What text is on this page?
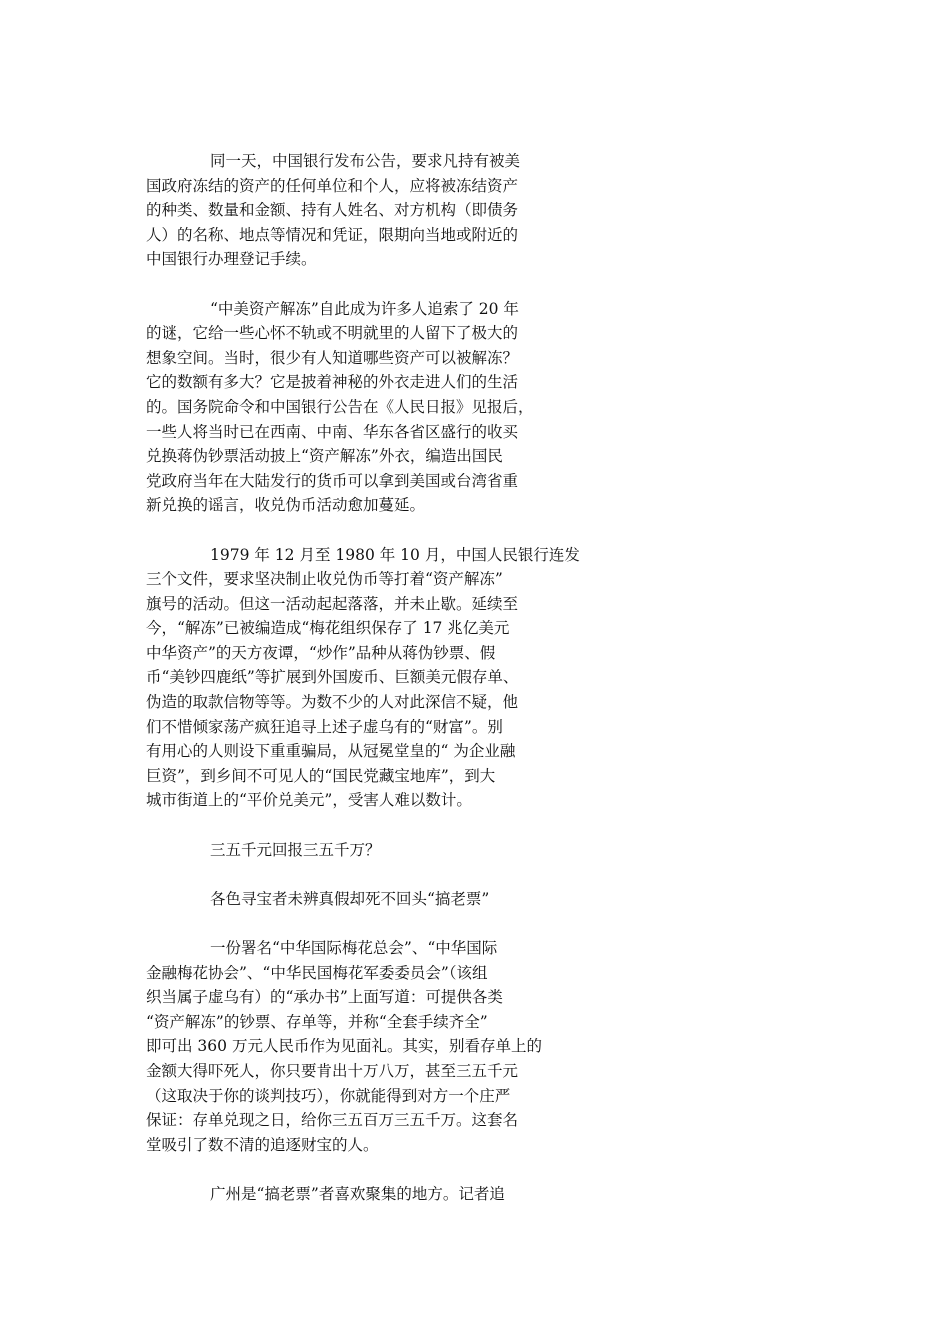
同一天，中国银行发布公告，要求凡持有被美
国政府冻结的资产的任何单位和个人，应将被冻结资产
的种类、数量和金额、持有人姓名、对方机构（即债务
人）的名称、地点等情况和凭证，限期向当地或附近的
中国银行办理登记手续。

“中美资产解冻”自此成为许多人追索了 20 年
的谜，它给一些心怀不轨或不明就里的人留下了极大的
想象空间。当时，很少有人知道哪些资产可以被解冻？
它的数额有多大？它是披着神秘的外衣走进人们的生活
的。国务院命令和中国银行公告在《人民日报》见报后，
一些人将当时已在西南、中南、华东各省区盛行的收买
兑换蒋伪钞票活动披上“资产解冻”外衣，编造出国民
党政府当年在大陆发行的货币可以拿到美国或台湾省重
新兑换的谣言，收兑伪币活动愈加蔓延。

1979 年 12 月至 1980 年 10 月，中国人民银行连发
三个文件，要求坚决制止收兑伪币等打着“资产解冻”
旗号的活动。但这一活动起起落落，并未止歇。延续至
今，“解冻”已被编造成“梅花组织保存了 17 兆亿美元
中华资产”的天方夜谭，“炒作”品种从蒋伪钞票、假
币“美钞四鹿纸”等扩展到外国废币、巨额美元假存单、
伪造的取款信物等等。为数不少的人对此深信不疑，他
们不惜倾家荡产疯狂追寻上述子虚乌有的“财富”。别
有用心的人则设下重重骗局，从冠冕堂皇的“ 为企业融
巨资”，到乡间不可见人的“国民党藏宝地库”，到大
城市街道上的“平价兑美元”，受害人难以数计。

三五千元回报三五千万？

各色寻宝者未辨真假却死不回头“搞老票”

一份署名“中华国际梅花总会”、“中华国际
金融梅花协会”、“中华民国梅花军委委员会”（该组
织当属子虚乌有）的“承办书”上面写道：可提供各类
“资产解冻”的钞票、存单等，并称“全套手续齐全”
即可出 360 万元人民币作为见面礼。其实，别看存单上的
金额大得吓死人，你只要肯出十万八万，甚至三五千元
（这取决于你的谈判技巧），你就能得到对方一个庄严
保证：存单兑现之日，给你三五百万三五千万。这套名
堂吸引了数不清的追逐财宝的人。

广州是“搞老票”者喜欢聚集的地方。记者追
